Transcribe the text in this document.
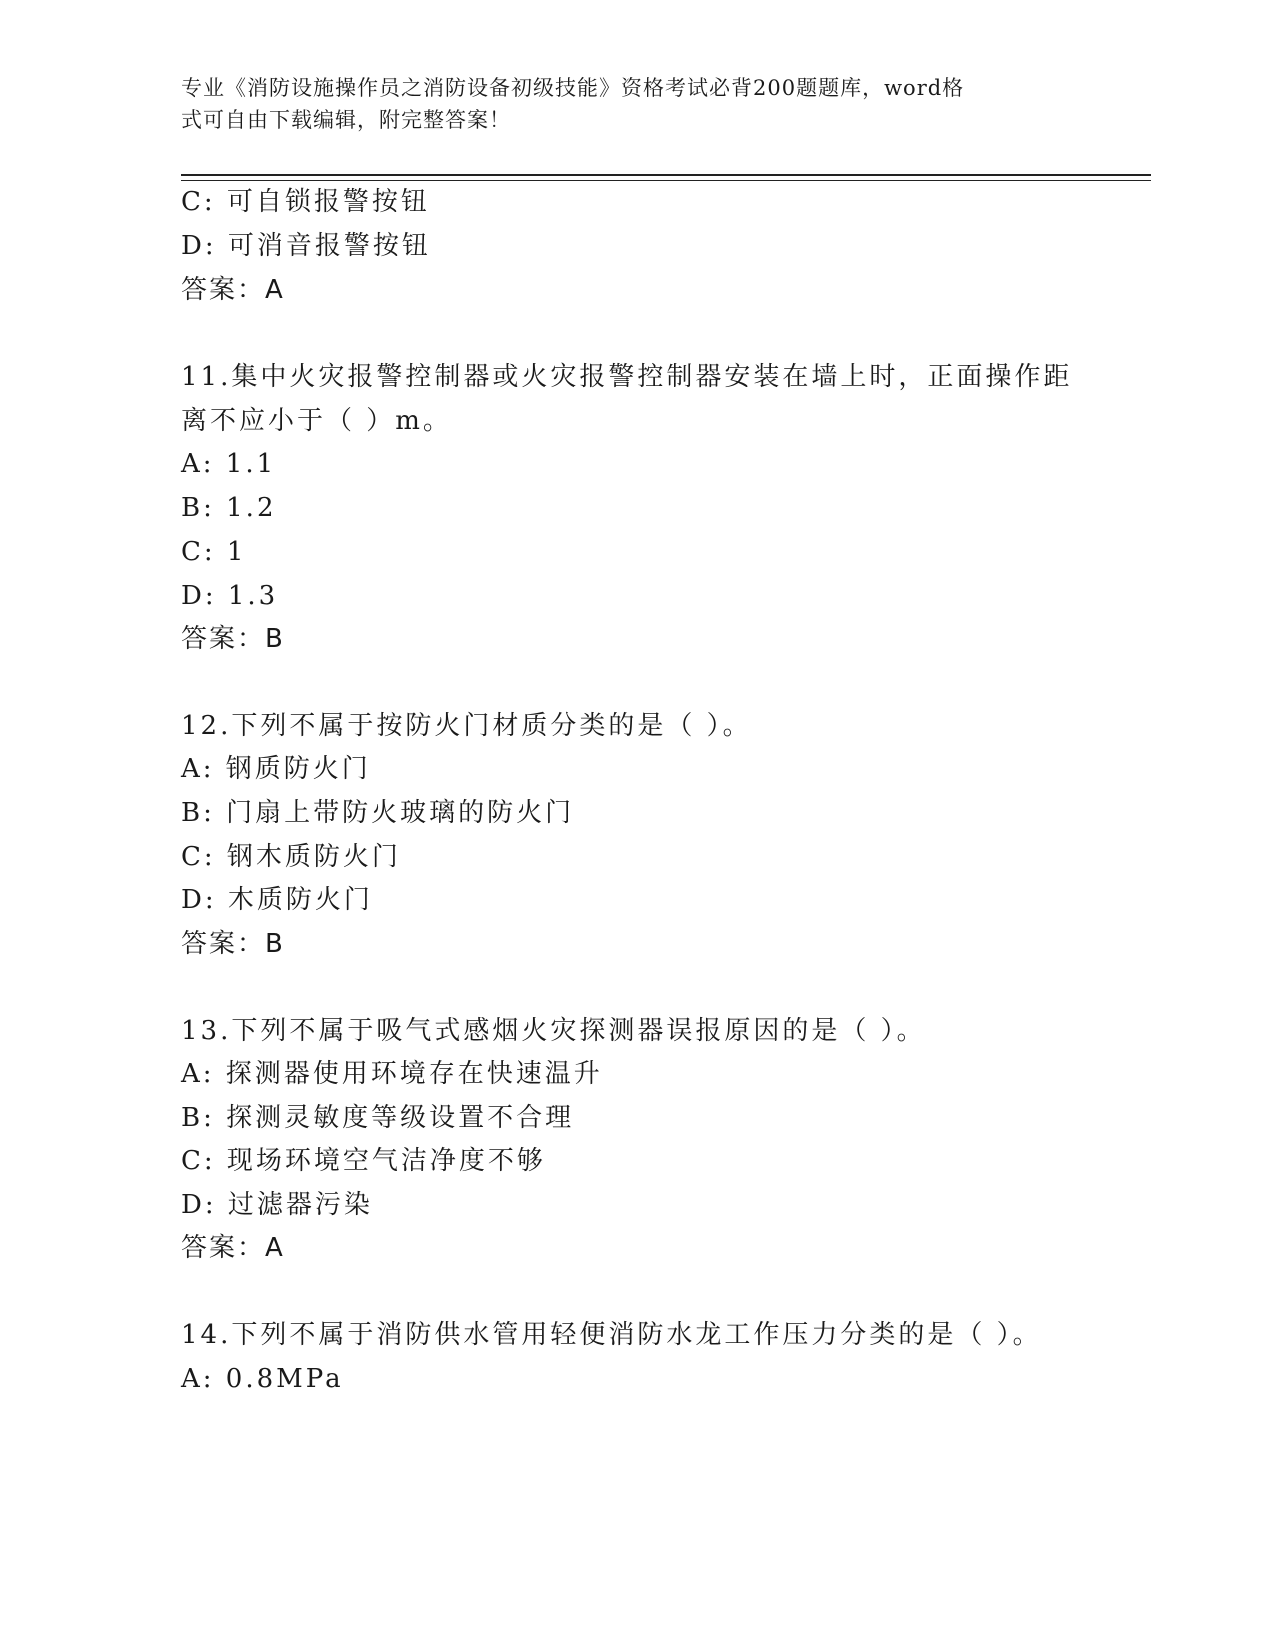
专业《消防设施操作员之消防设备初级技能》资格考试必背200题题库，word格
式可自由下载编辑，附完整答案！
C: 可自锁报警按钮
D: 可消音报警按钮
答案：A
11.集中火灾报警控制器或火灾报警控制器安装在墙上时，正面操作距
离不应小于（ ）m。
A: 1.1
B: 1.2
C: 1
D: 1.3
答案：B
12.下列不属于按防火门材质分类的是（ ）。
A: 钢质防火门
B: 门扇上带防火玻璃的防火门
C: 钢木质防火门
D: 木质防火门
答案：B
13.下列不属于吸气式感烟火灾探测器误报原因的是（ ）。
A: 探测器使用环境存在快速温升
B: 探测灵敏度等级设置不合理
C: 现场环境空气洁净度不够
D: 过滤器污染
答案：A
14.下列不属于消防供水管用轻便消防水龙工作压力分类的是（ ）。
A: 0.8MPa
